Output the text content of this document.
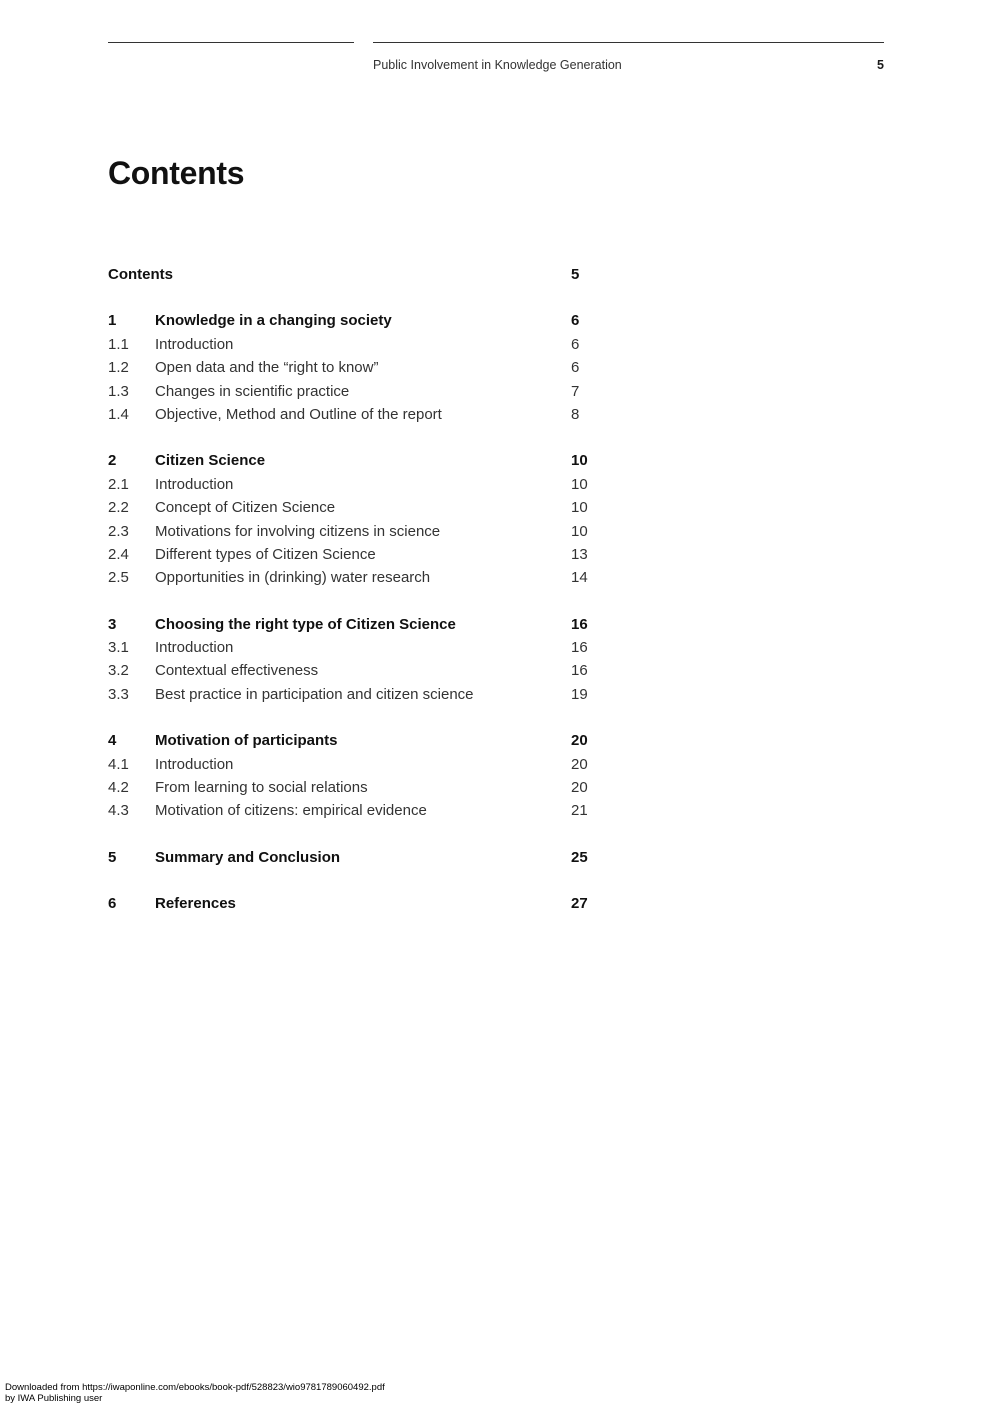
Public Involvement in Knowledge Generation	5
Contents
Contents	5
1	Knowledge in a changing society	6
1.1 Introduction	6
1.2 Open data and the “right to know”	6
1.3 Changes in scientific practice	7
1.4 Objective, Method and Outline of the report	8
2	Citizen Science	10
2.1 Introduction	10
2.2 Concept of Citizen Science	10
2.3 Motivations for involving citizens in science	10
2.4 Different types of Citizen Science	13
2.5 Opportunities in (drinking) water research	14
3	Choosing the right type of Citizen Science	16
3.1 Introduction	16
3.2 Contextual effectiveness	16
3.3 Best practice in participation and citizen science	19
4	Motivation of participants	20
4.1 Introduction	20
4.2 From learning to social relations	20
4.3 Motivation of citizens: empirical evidence	21
5	Summary and Conclusion	25
6	References	27
Downloaded from https://iwaponline.com/ebooks/book-pdf/528823/wio9781789060492.pdf
by IWA Publishing user
